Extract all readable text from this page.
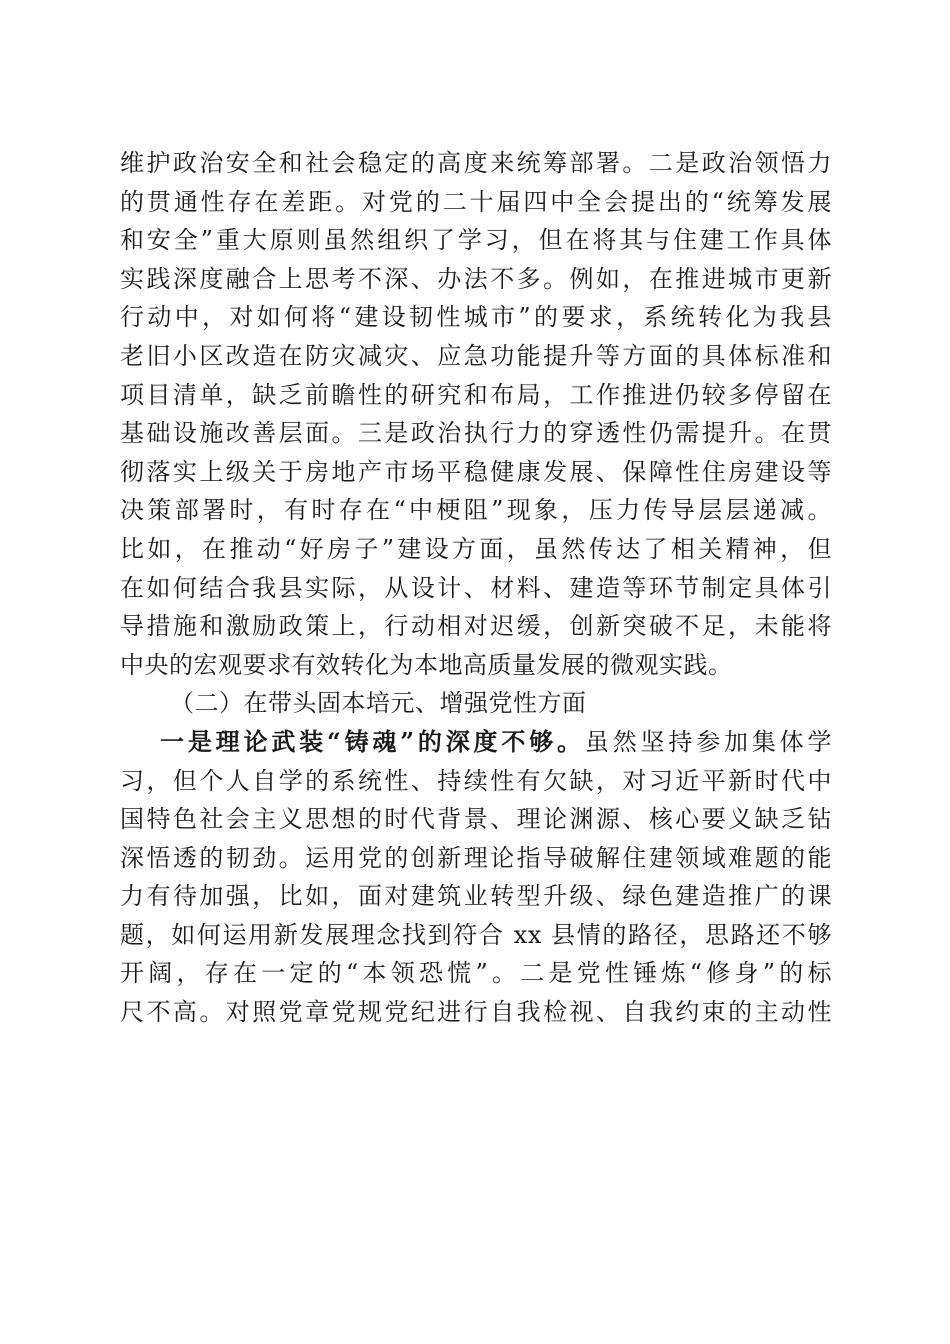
维护政治安全和社会稳定的高度来统筹部署。二是政治领悟力
的贯通性存在差距。对党的二十届四中全会提出的“统筹发展
和安全”重大原则虽然组织了学习，但在将其与住建工作具体
实践深度融合上思考不深、办法不多。例如，在推进城市更新
行动中，对如何将“建设韧性城市”的要求，系统转化为我县
老旧小区改造在防灾减灾、应急功能提升等方面的具体标准和
项目清单，缺乏前瞻性的研究和布局，工作推进仍较多停留在
基础设施改善层面。三是政治执行力的穿透性仍需提升。在贯
彻落实上级关于房地产市场平稳健康发展、保障性住房建设等
决策部署时，有时存在“中梗阻”现象，压力传导层层递减。
比如，在推动“好房子”建设方面，虽然传达了相关精神，但
在如何结合我县实际，从设计、材料、建造等环节制定具体引
导措施和激励政策上，行动相对迟缓，创新突破不足，未能将
中央的宏观要求有效转化为本地高质量发展的微观实践。
（二）在带头固本培元、增强党性方面
一是理论武装“铸魂”的深度不够。虽然坚持参加集体学
习，但个人自学的系统性、持续性有欠缺，对习近平新时代中
国特色社会主义思想的时代背景、理论渊源、核心要义缺乏钻
深悟透的韧劲。运用党的创新理论指导破解住建领域难题的能
力有待加强，比如，面对建筑业转型升级、绿色建造推广的课
题，如何运用新发展理念找到符合 xx 县情的路径，思路还不够
开阔，存在一定的“本领恐慌”。二是党性锤炼“修身”的标
尺不高。对照党章党规党纪进行自我检视、自我约束的主动性
